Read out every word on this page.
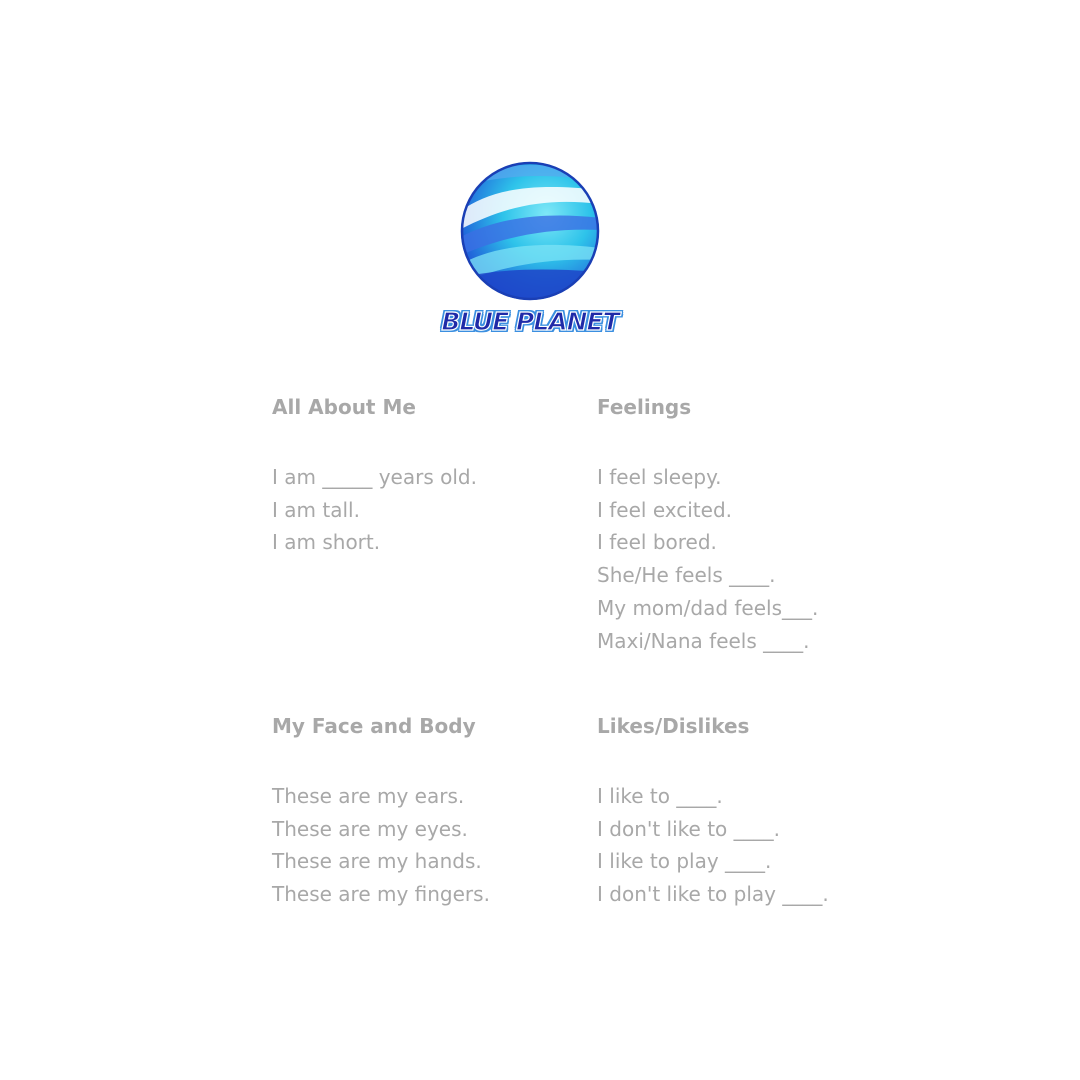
BLUE PLANET
All About Me
I am _____ years old.
I am tall.
I am short.
Feelings
I feel sleepy.
I feel excited.
I feel bored.
She/He feels ____.
My mom/dad feels___.
Maxi/Nana feels ____.
My Face and Body
These are my ears.
These are my eyes.
These are my hands.
These are my fingers.
Likes/Dislikes
I like to ____.
I don't like to ____.
I like to play ____.
I don't like to play ____.
